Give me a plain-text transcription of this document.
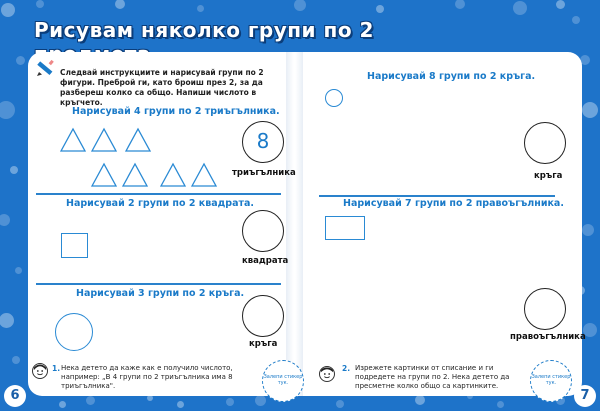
Рисувам няколко групи по 2
Следвай инструкциите и нарисувай групи по 2 фигури. Преброй ги, като броиш през 2, за да разбереш колко са общо. Напиши числото в кръгчето.
Нарисувай 4 групи по 2 триъгълника.
8
триъгълника
Нарисувай 2 групи по 2 квадрата.
квадрата
Нарисувай 3 групи по 2 кръга.
кръга
1. Нека детето да каже как е получило числото, например: „В 4 групи по 2 триъгълника има 8 триъгълника".
Залепи стикер тук.
Нарисувай 8 групи по 2 кръга.
кръга
Нарисувай 7 групи по 2 правоъгълника.
правоъгълника
2. Изрежете картинки от списание и ги подредете на групи по 2. Нека детето да пресметне колко общо са картинките.
Залепи стикер тук.
6	7
